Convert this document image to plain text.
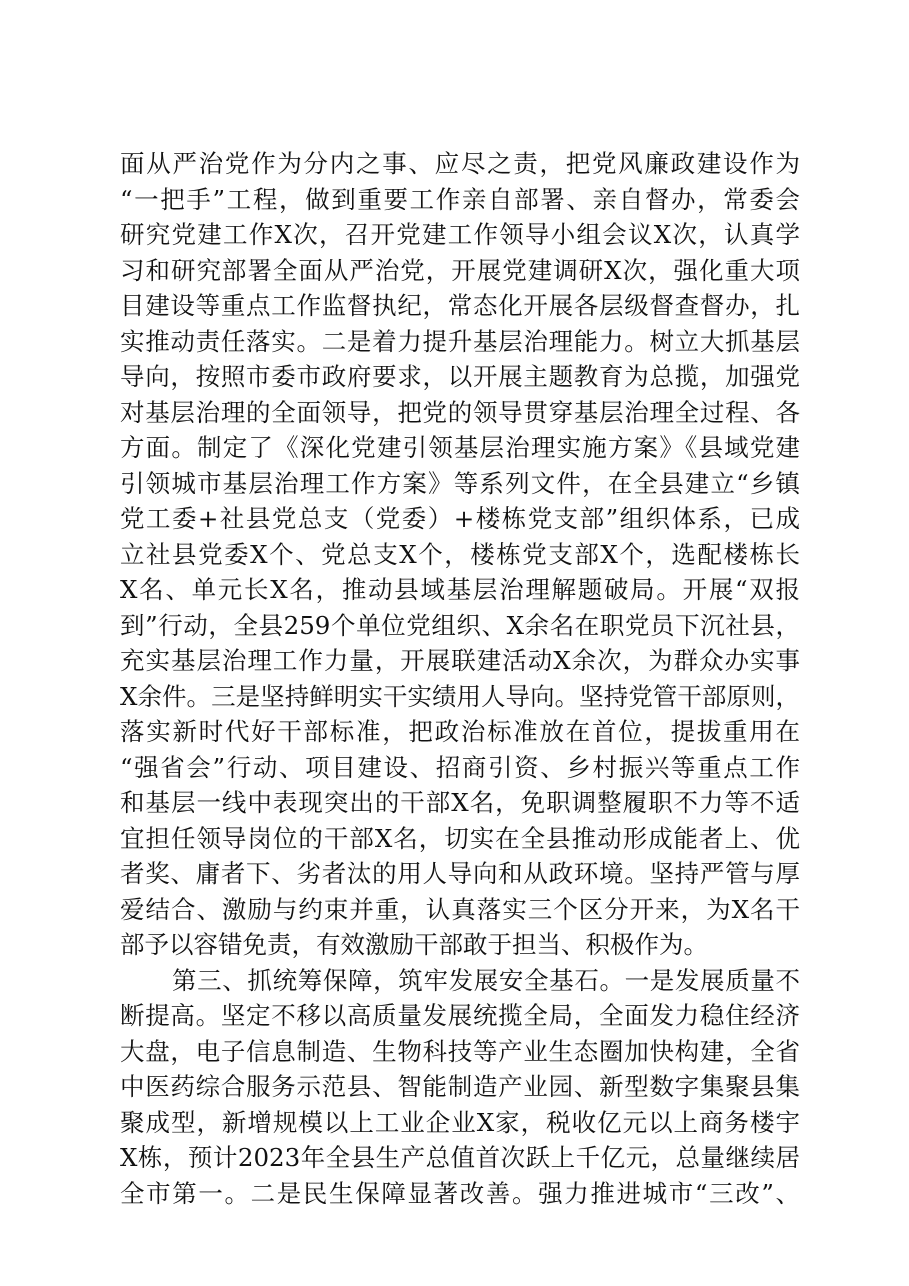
面从严治党作为分内之事、应尽之责，把党风廉政建设作为
“一把手”工程，做到重要工作亲自部署、亲自督办，常委会
研究党建工作X次，召开党建工作领导小组会议X次，认真学
习和研究部署全面从严治党，开展党建调研X次，强化重大项
目建设等重点工作监督执纪，常态化开展各层级督查督办，扎
实推动责任落实。二是着力提升基层治理能力。树立大抓基层
导向，按照市委市政府要求，以开展主题教育为总揽，加强党
对基层治理的全面领导，把党的领导贯穿基层治理全过程、各
方面。制定了《深化党建引领基层治理实施方案》《县域党建
引领城市基层治理工作方案》等系列文件，在全县建立“乡镇
党工委+社县党总支（党委）+楼栋党支部”组织体系，已成
立社县党委X个、党总支X个，楼栋党支部X个，选配楼栋长
X名、单元长X名，推动县域基层治理解题破局。开展“双报
到”行动，全县259个单位党组织、X余名在职党员下沉社县，
充实基层治理工作力量，开展联建活动X余次，为群众办实事
X余件。三是坚持鲜明实干实绩用人导向。坚持党管干部原则，
落实新时代好干部标准，把政治标准放在首位，提拔重用在
“强省会”行动、项目建设、招商引资、乡村振兴等重点工作
和基层一线中表现突出的干部X名，免职调整履职不力等不适
宜担任领导岗位的干部X名，切实在全县推动形成能者上、优
者奖、庸者下、劣者汰的用人导向和从政环境。坚持严管与厚
爱结合、激励与约束并重，认真落实三个区分开来，为X名干
部予以容错免责，有效激励干部敢于担当、积极作为。
第三、抓统筹保障，筑牢发展安全基石。一是发展质量不
断提高。坚定不移以高质量发展统揽全局，全面发力稳住经济
大盘，电子信息制造、生物科技等产业生态圈加快构建，全省
中医药综合服务示范县、智能制造产业园、新型数字集聚县集
聚成型，新增规模以上工业企业X家，税收亿元以上商务楼宇
X栋，预计2023年全县生产总值首次跃上千亿元，总量继续居
全市第一。二是民生保障显著改善。强力推进城市“三改”、
